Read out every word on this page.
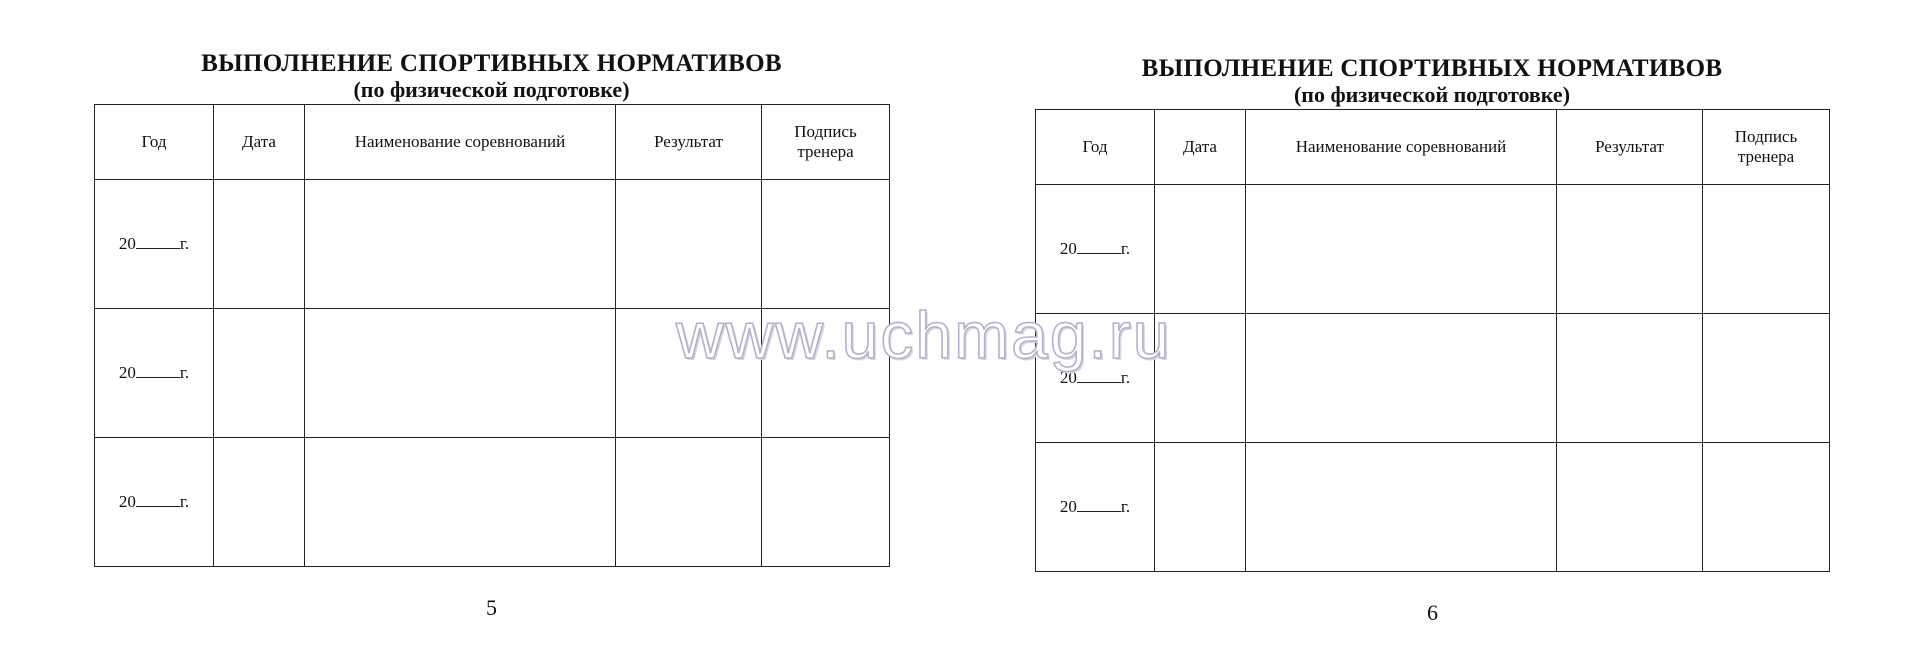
ВЫПОЛНЕНИЕ СПОРТИВНЫХ НОРМАТИВОВ
(по физической подготовке)
Год	Дата	Наименование соревнований	Результат	Подпись тренера
20 г.				
20 г.				
20 г.				
5
ВЫПОЛНЕНИЕ СПОРТИВНЫХ НОРМАТИВОВ
(по физической подготовке)
Год	Дата	Наименование соревнований	Результат	Подпись тренера
20 г.				
20 г.				
20 г.				
6
www.uchmag.ru
